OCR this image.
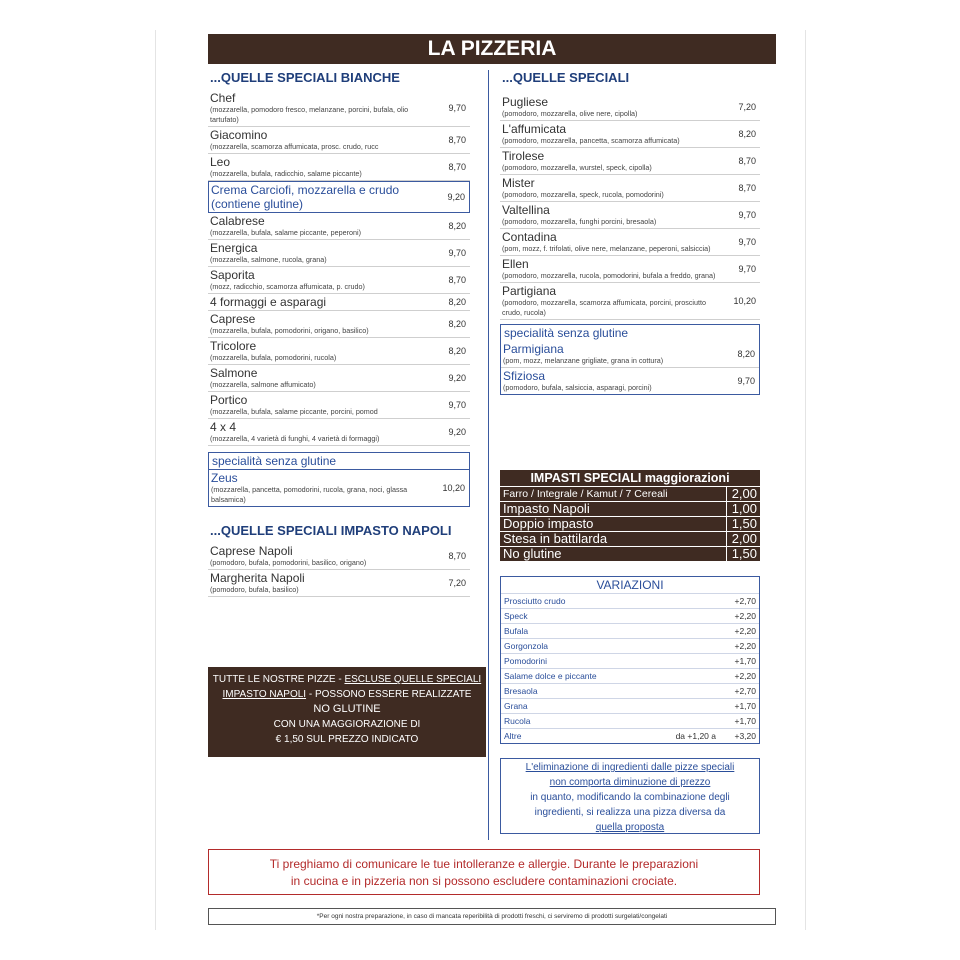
LA PIZZERIA
...QUELLE SPECIALI BIANCHE
Chef
(mozzarella, pomodoro fresco, melanzane, porcini, bufala, olio tartufato)
9,70
Giacomino
(mozzarella, scamorza affumicata, prosc. crudo, rucc
8,70
Leo
(mozzarella, bufala, radicchio, salame piccante)
8,70
Crema Carciofi, mozzarella e crudo
(contiene glutine)	9,20
Calabrese
(mozzarella, bufala, salame piccante, peperoni)
8,20
Energica
(mozzarella, salmone, rucola, grana)
9,70
Saporita
(mozz, radicchio, scamorza affumicata, p. crudo)
8,70
4 formaggi e asparagi	8,20
Caprese
(mozzarella, bufala, pomodorini, origano, basilico)
8,20
Tricolore
(mozzarella, bufala, pomodorini, rucola)
8,20
Salmone
(mozzarella, salmone affumicato)
9,20
Portico
(mozzarella, bufala, salame piccante, porcini, pomod
9,70
4 x 4
(mozzarella, 4 varietà di funghi, 4 varietà di formaggi)
9,20
specialità senza glutine
Zeus
(mozzarella, pancetta, pomodorini, rucola, grana, noci, glassa balsamica)
10,20
...QUELLE SPECIALI IMPASTO NAPOLI
Caprese Napoli
(pomodoro, bufala, pomodorini, basilico, origano)
8,70
Margherita Napoli
(pomodoro, bufala, basilico)
7,20
TUTTE LE NOSTRE PIZZE - ESCLUSE QUELLE SPECIALI
IMPASTO NAPOLI - POSSONO ESSERE REALIZZATE
NO GLUTINE
CON UNA MAGGIORAZIONE DI
€ 1,50 SUL PREZZO INDICATO
...QUELLE SPECIALI
Pugliese
(pomodoro, mozzarella, olive nere, cipolla)
7,20
L'affumicata
(pomodoro, mozzarella, pancetta, scamorza affumicata)
8,20
Tirolese
(pomodoro, mozzarella, wurstel, speck, cipolla)
8,70
Mister
(pomodoro, mozzarella, speck, rucola, pomodorini)
8,70
Valtellina
(pomodoro, mozzarella, funghi porcini, bresaola)
9,70
Contadina
(pom, mozz, f. trifolati, olive nere, melanzane, peperoni, salsiccia)
9,70
Ellen
(pomodoro, mozzarella, rucola, pomodorini, bufala a freddo, grana)
9,70
Partigiana
(pomodoro, mozzarella, scamorza affumicata, porcini, prosciutto crudo, rucola)
10,20
specialità senza glutine
Parmigiana
(pom, mozz, melanzane grigliate, grana in cottura)
8,20
Sfiziosa
(pomodoro, bufala, salsiccia, asparagi, porcini)
9,70
IMPASTI SPECIALI maggiorazioni
Farro / Integrale / Kamut / 7 Cereali	2,00
Impasto Napoli	1,00
Doppio impasto	1,50
Stesa in battilarda	2,00
No glutine	1,50
VARIAZIONI
Prosciutto crudo	+2,70
Speck	+2,20
Bufala	+2,20
Gorgonzola	+2,20
Pomodorini	+1,70
Salame dolce e piccante	+2,20
Bresaola	+2,70
Grana	+1,70
Rucola	+1,70
Altre	da +1,20 a	+3,20
L'eliminazione di ingredienti dalle pizze speciali
non comporta diminuzione di prezzo
in quanto, modificando la combinazione degli
ingredienti, si realizza una pizza diversa da
quella proposta
Ti preghiamo di comunicare le tue intolleranze e allergie. Durante le preparazioni
in cucina e in pizzeria non si possono escludere contaminazioni crociate.
*Per ogni nostra preparazione, in caso di mancata reperibilità di prodotti freschi, ci serviremo di prodotti surgelati/congelati
